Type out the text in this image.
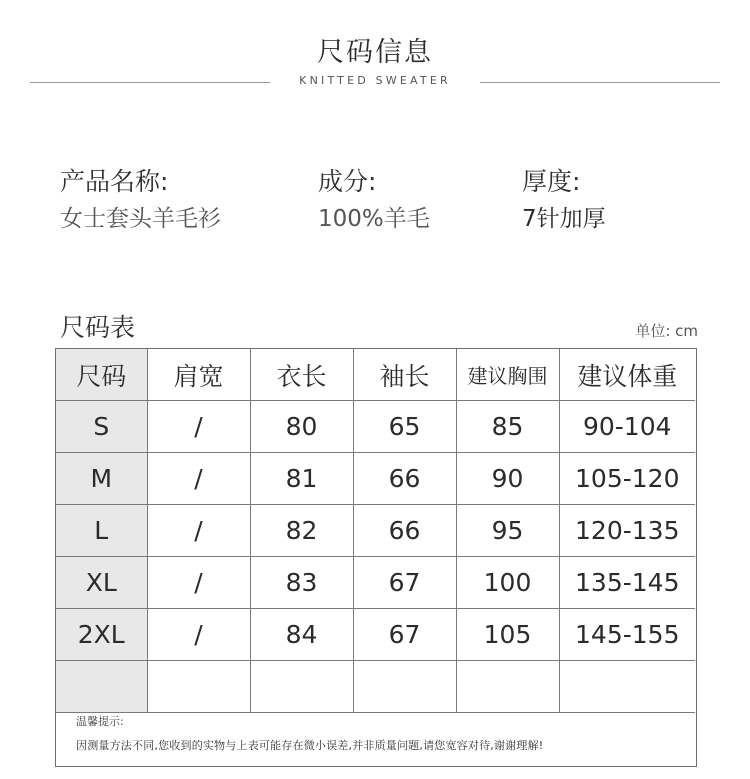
尺码信息
KNITTED SWEATER
产品名称:
女士套头羊毛衫
成分:
100%羊毛
厚度:
7针加厚
尺码表	单位: cm
尺码	肩宽	衣长	袖长	建议胸围	建议体重
S	/	80	65	85	90-104
M	/	81	66	90	105-120
L	/	82	66	95	120-135
XL	/	83	67	100	135-145
2XL	/	84	67	105	145-155

温馨提示:
因测量方法不同,您收到的实物与上表可能存在微小误差,并非质量问题,请您宽容对待,谢谢理解!
